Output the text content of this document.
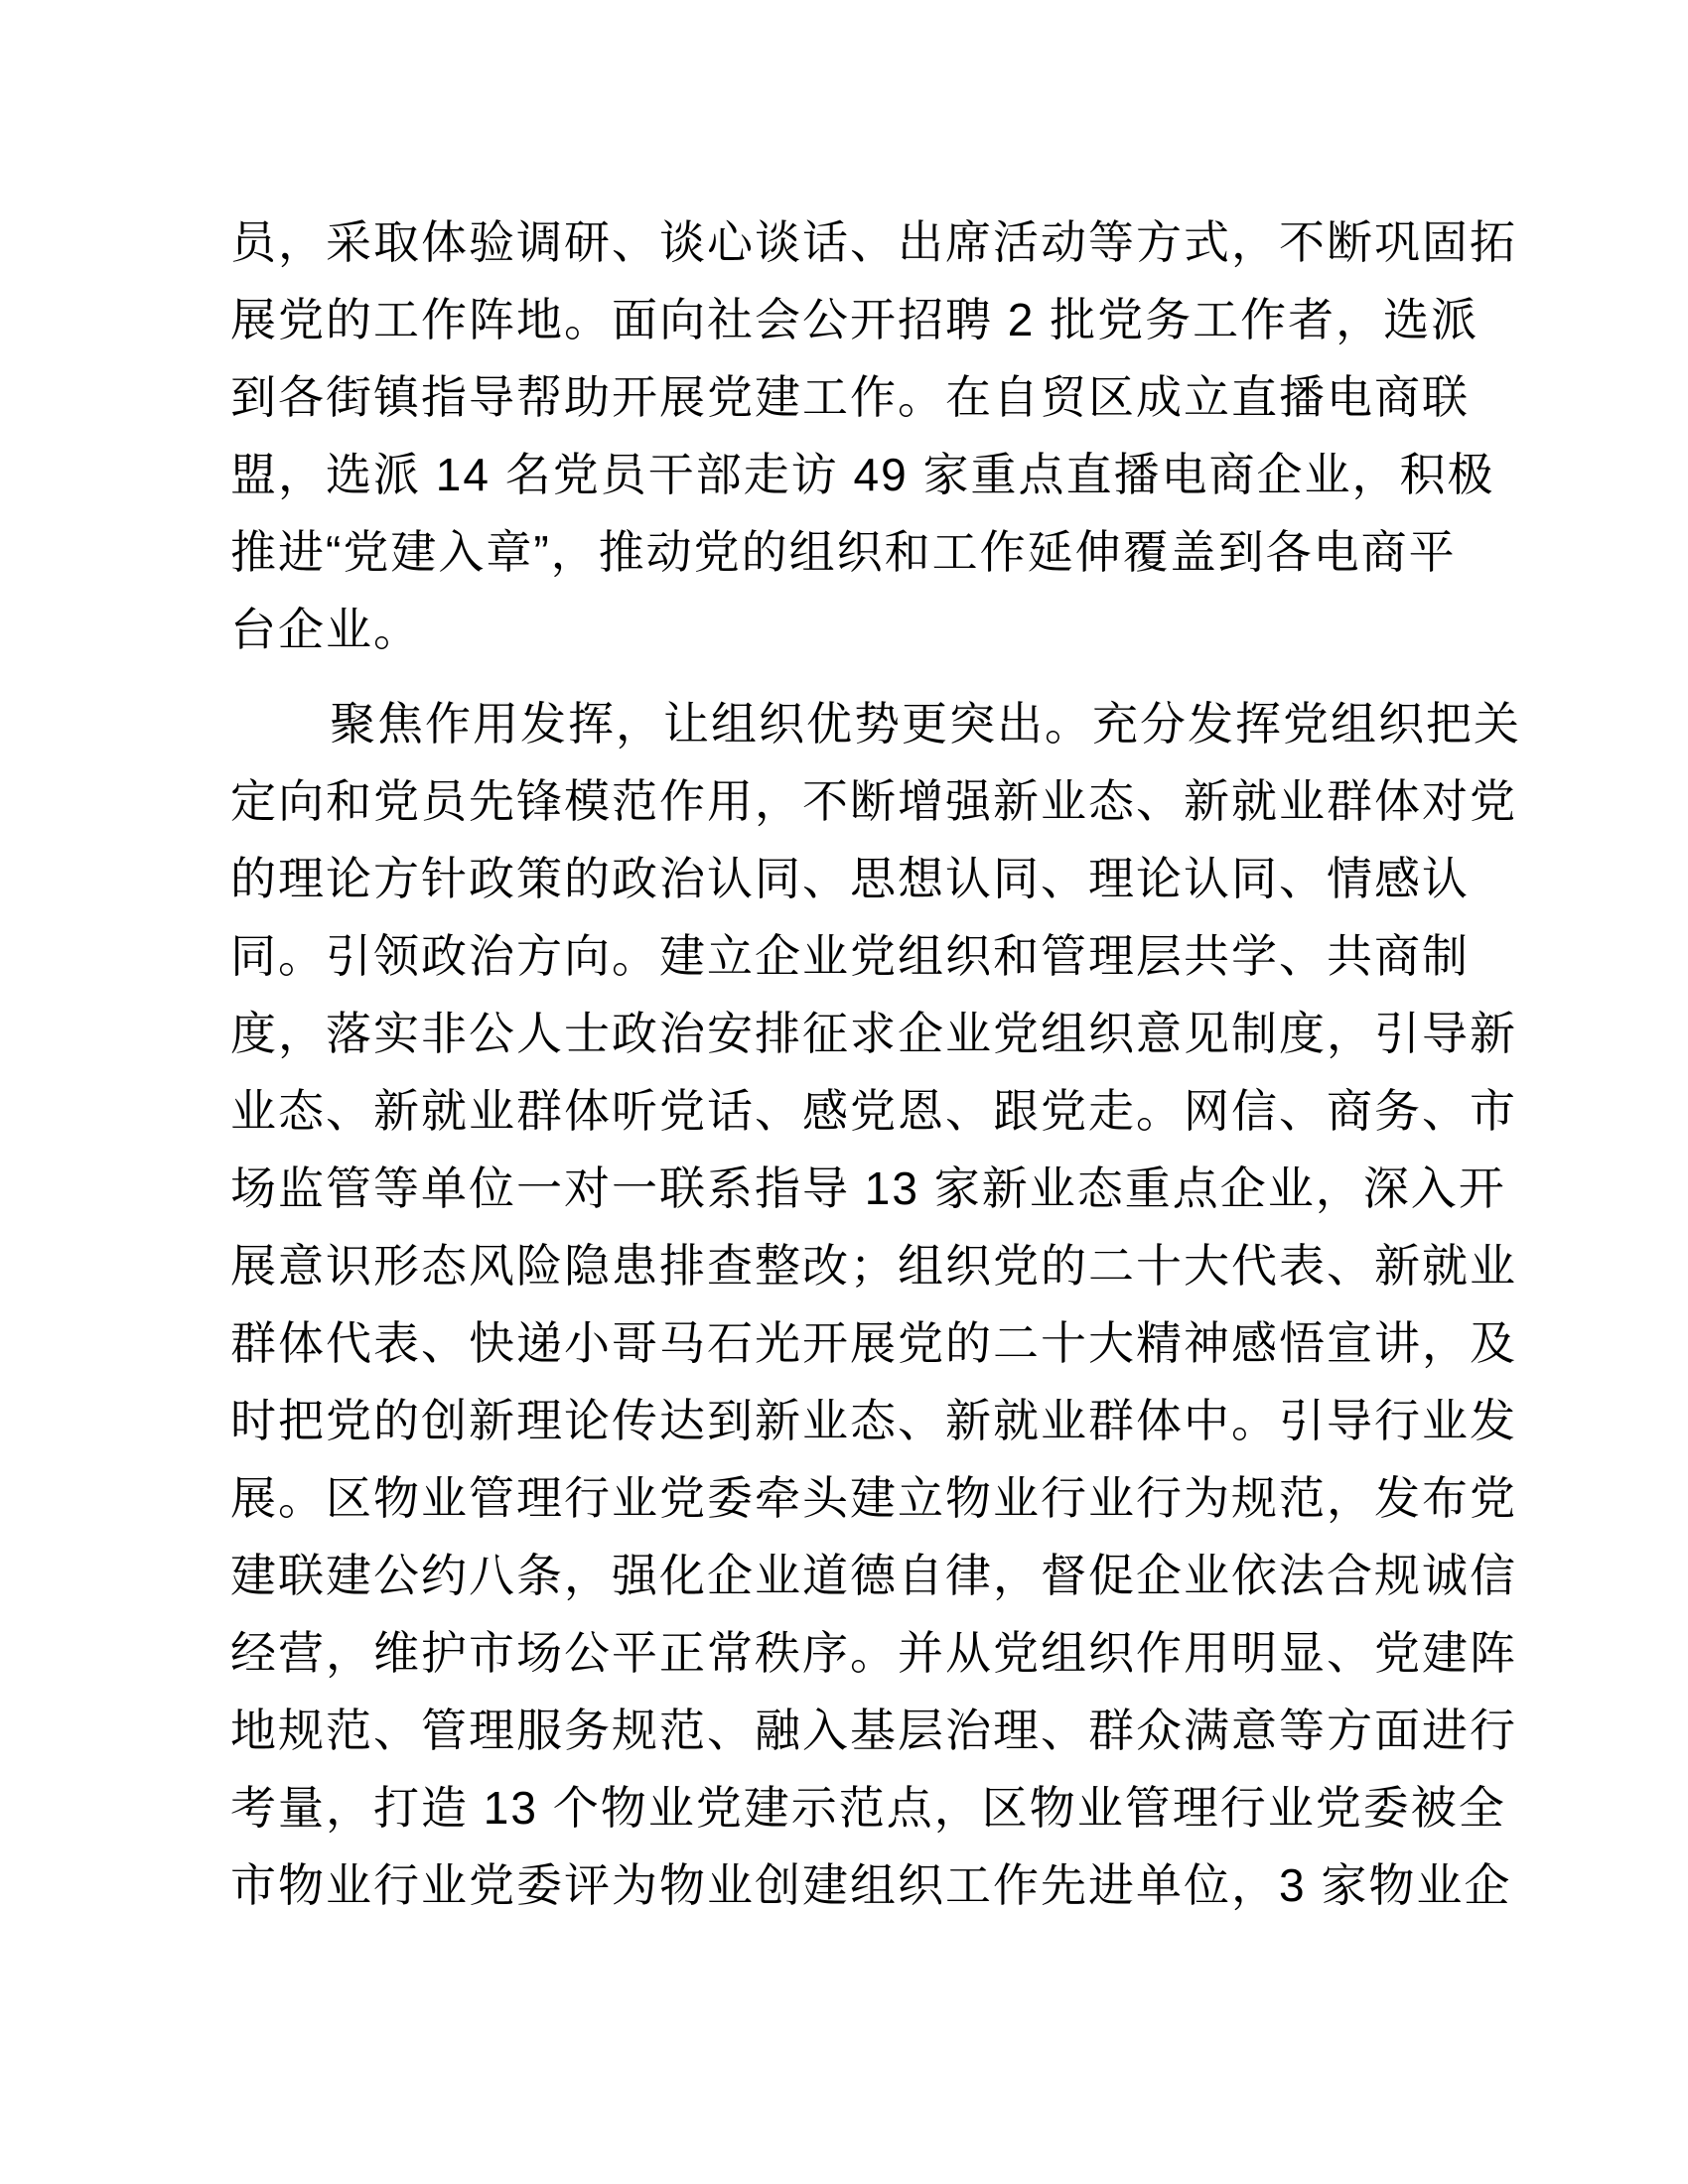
员，采取体验调研、谈心谈话、出席活动等方式，不断巩固拓
展党的工作阵地。面向社会公开招聘 2 批党务工作者，选派
到各街镇指导帮助开展党建工作。在自贸区成立直播电商联
盟，选派 14 名党员干部走访 49 家重点直播电商企业，积极
推进“党建入章”，推动党的组织和工作延伸覆盖到各电商平
台企业。
聚焦作用发挥，让组织优势更突出。充分发挥党组织把关
定向和党员先锋模范作用，不断增强新业态、新就业群体对党
的理论方针政策的政治认同、思想认同、理论认同、情感认
同。引领政治方向。建立企业党组织和管理层共学、共商制
度，落实非公人士政治安排征求企业党组织意见制度，引导新
业态、新就业群体听党话、感党恩、跟党走。网信、商务、市
场监管等单位一对一联系指导 13 家新业态重点企业，深入开
展意识形态风险隐患排查整改；组织党的二十大代表、新就业
群体代表、快递小哥马石光开展党的二十大精神感悟宣讲，及
时把党的创新理论传达到新业态、新就业群体中。引导行业发
展。区物业管理行业党委牵头建立物业行业行为规范，发布党
建联建公约八条，强化企业道德自律，督促企业依法合规诚信
经营，维护市场公平正常秩序。并从党组织作用明显、党建阵
地规范、管理服务规范、融入基层治理、群众满意等方面进行
考量，打造 13 个物业党建示范点，区物业管理行业党委被全
市物业行业党委评为物业创建组织工作先进单位，3 家物业企
